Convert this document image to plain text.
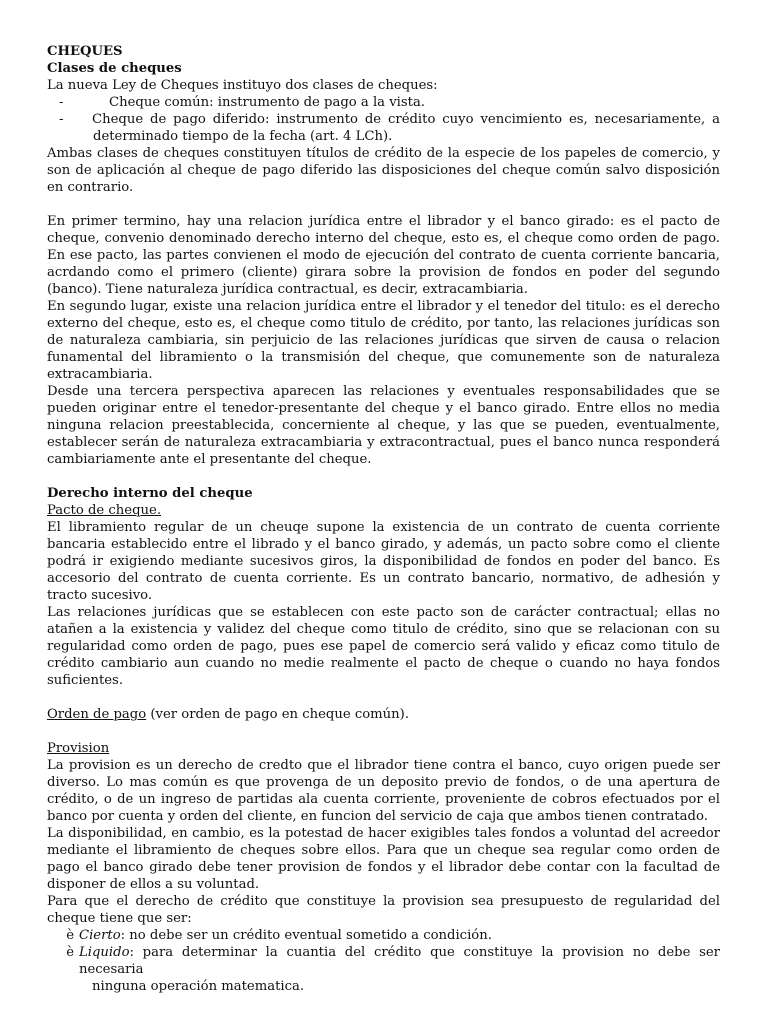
CHEQUES

Clases de cheques

La nueva Ley de Cheques instituyo dos clases de cheques:

-	Cheque común: instrumento de pago a la vista.
-	Cheque de pago diferido: instrumento de crédito cuyo vencimiento es, necesariamente, a

determinado tiempo de la fecha (art. 4 LCh).

Ambas clases de cheques constituyen títulos de crédito de la especie de los papeles de comercio, y son de aplicación al cheque de pago diferido las disposiciones del cheque común salvo disposición en contrario.

En primer termino, hay una relacion jurídica entre el librador y el banco girado: es el pacto de cheque, convenio denominado derecho interno del cheque, esto es, el cheque como orden de pago. En ese pacto, las partes convienen el modo de ejecución del contrato de cuenta corriente bancaria, acrdando como el primero (cliente) girara sobre la provision de fondos en poder del segundo (banco). Tiene naturaleza jurídica contractual, es decir, extracambiaria.

En segundo lugar, existe una relacion jurídica entre el librador y el tenedor del titulo: es el derecho externo del cheque, esto es, el cheque como titulo de crédito, por tanto, las relaciones jurídicas son de naturaleza cambiaria, sin perjuicio de las relaciones jurídicas que sirven de causa o relacion funamental del libramiento o la transmisión del cheque, que comunemente son de naturaleza extracambiaria.

Desde una tercera perspectiva aparecen las relaciones y eventuales responsabilidades que se pueden originar entre el tenedor-presentante del cheque y el banco girado. Entre ellos no media ninguna relacion preestablecida, concerniente al cheque, y las que se pueden, eventualmente, establecer serán de naturaleza extracambiaria y extracontractual, pues el banco nunca responderá cambiariamente ante el presentante del cheque.

Derecho interno del cheque

Pacto de cheque.

El libramiento regular de un cheuqe supone la existencia de un contrato de cuenta corriente bancaria establecido entre el librado y el banco girado, y además, un pacto sobre como el cliente podrá ir exigiendo mediante sucesivos giros, la disponibilidad de fondos en poder del banco. Es accesorio del contrato de cuenta corriente. Es un contrato bancario, normativo, de adhesión y tracto sucesivo.

Las relaciones jurídicas que se establecen con este pacto son de carácter contractual; ellas no atañen a la existencia y validez del cheque como titulo de crédito, sino que se relacionan con su regularidad como orden de pago, pues ese papel de comercio será valido y eficaz como titulo de crédito cambiario aun cuando no medie realmente el pacto de cheque o cuando no haya fondos suficientes.

Orden de pago (ver orden de pago en cheque común).

Provision

La provision es un derecho de credto que el librador tiene contra el banco, cuyo origen puede ser diverso. Lo mas común es que provenga de un deposito previo de fondos, o de una apertura de crédito, o de un ingreso de partidas ala cuenta corriente, proveniente de cobros efectuados por el banco por cuenta y orden del cliente, en funcion del servicio de caja que ambos tienen contratado.

La disponibilidad, en cambio, es la potestad de hacer exigibles tales fondos a voluntad del acreedor mediante el libramiento de cheques sobre ellos. Para que un cheque sea regular como orden de pago el banco girado debe tener provision de fondos y el librador debe contar con la facultad de disponer de ellos a su voluntad.

Para que el derecho de crédito que constituye la provision sea presupuesto de regularidad del cheque tiene que ser:

è Cierto: no debe ser un crédito eventual sometido a condición.
è Liquido: para determinar la cuantia del crédito que constituye la provision no debe ser necesaria
ninguna operación matematica.
